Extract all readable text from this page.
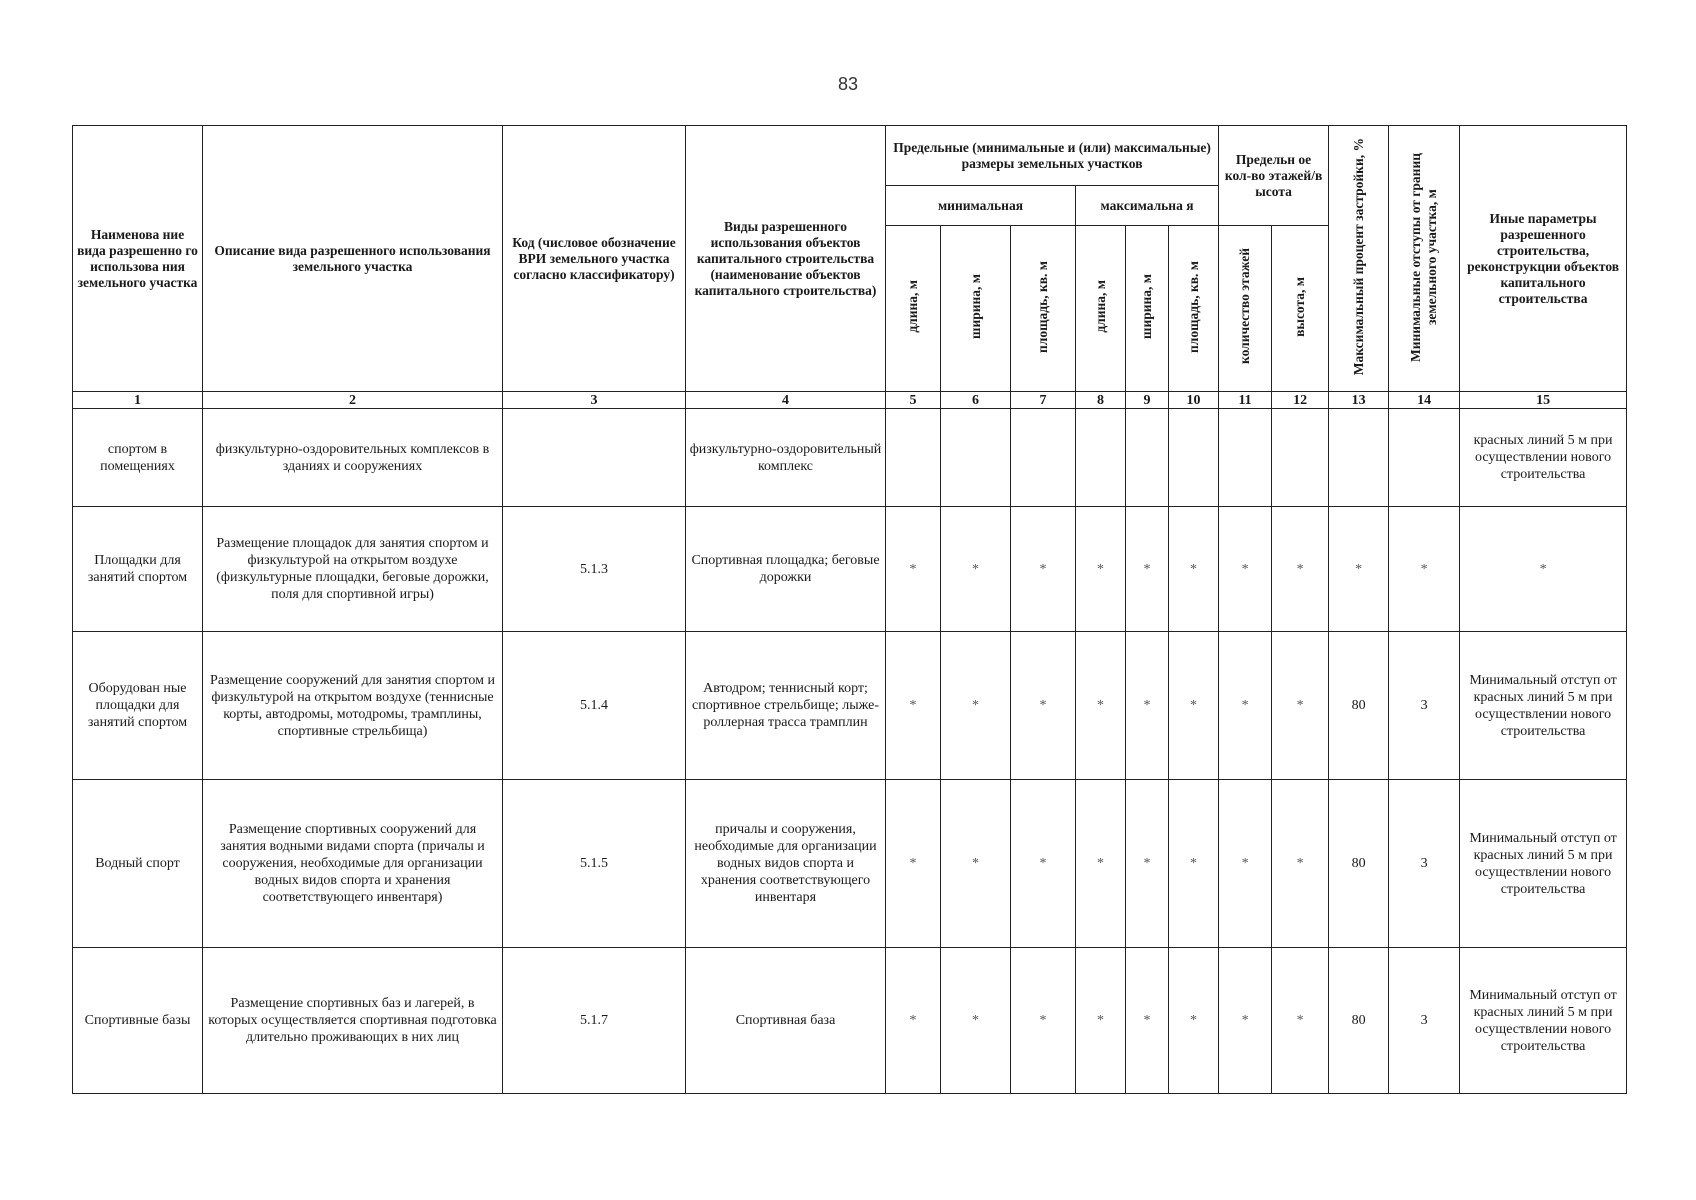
83
Наименова ние вида разрешенно го использова ния земельного участка	Описание вида разрешенного использования земельного участка	Код (числовое обозначение ВРИ земельного участка согласно классификатору)	Виды разрешенного использования объектов капитального строительства (наименование объектов капитального строительства)	Предельные (минимальные и (или) максимальные) размеры земельных участков						Предельн ое кол-во этажей/в ысота		Максимальный процент застройки, %	Минимальные отступы от границ земельного участка, м	Иные параметры разрешенного строительства, реконструкции объектов капитального строительства
				минимальная			максимальна я							
				длина, м	ширина, м	площадь, кв. м	длина, м	ширина, м	площадь, кв. м	количество этажей	высота, м			
1	2	3	4	5	6	7	8	9	10	11	12	13	14	15
спортом в помещениях	физкультурно-оздоровительных комплексов в зданиях и сооружениях		физкультурно-оздоровительный комплекс											красных линий 5 м при осуществлении нового строительства
Площадки для занятий спортом	Размещение площадок для занятия спортом и физкультурой на открытом воздухе (физкультурные площадки, беговые дорожки, поля для спортивной игры)	5.1.3	Спортивная площадка; беговые дорожки	*	*	*	*	*	*	*	*	*	*	*
Оборудован ные площадки для занятий спортом	Размещение сооружений для занятия спортом и физкультурой на открытом воздухе (теннисные корты, автодромы, мотодромы, трамплины, спортивные стрельбища)	5.1.4	Автодром; теннисный корт; спортивное стрельбище; лыже-роллерная трасса трамплин	*	*	*	*	*	*	*	*	80	3	Минимальный отступ от красных линий 5 м при осуществлении нового строительства
Водный спорт	Размещение спортивных сооружений для занятия водными видами спорта (причалы и сооружения, необходимые для организации водных видов спорта и хранения соответствующего инвентаря)	5.1.5	причалы и сооружения, необходимые для организации водных видов спорта и хранения соответствующего инвентаря	*	*	*	*	*	*	*	*	80	3	Минимальный отступ от красных линий 5 м при осуществлении нового строительства
Спортивные базы	Размещение спортивных баз и лагерей, в которых осуществляется спортивная подготовка длительно проживающих в них лиц	5.1.7	Спортивная база	*	*	*	*	*	*	*	*	80	3	Минимальный отступ от красных линий 5 м при осуществлении нового строительства
